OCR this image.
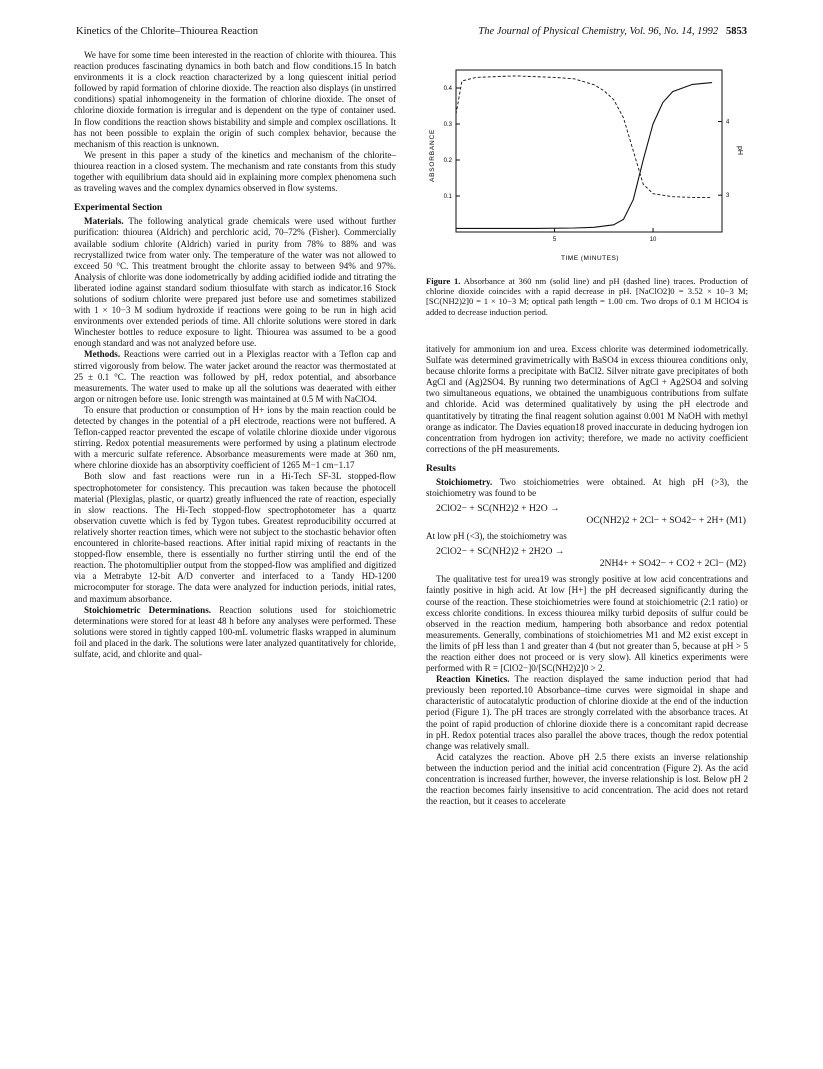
Kinetics of the Chlorite–Thiourea Reaction	The Journal of Physical Chemistry, Vol. 96, No. 14, 1992 5853

We have for some time been interested in the reaction of chlorite with thiourea. This reaction produces fascinating dynamics in both batch and flow conditions.15 In batch environments it is a clock reaction characterized by a long quiescent initial period followed by rapid formation of chlorine dioxide. The reaction also displays (in unstirred conditions) spatial inhomogeneity in the formation of chlorine dioxide. The onset of chlorine dioxide formation is irregular and is dependent on the type of container used. In flow conditions the reaction shows bistability and simple and complex oscillations. It has not been possible to explain the origin of such complex behavior, because the mechanism of this reaction is unknown.

We present in this paper a study of the kinetics and mechanism of the chlorite–thiourea reaction in a closed system. The mechanism and rate constants from this study together with equilibrium data should aid in explaining more complex phenomena such as traveling waves and the complex dynamics observed in flow systems.

Experimental Section

Materials. The following analytical grade chemicals were used without further purification: thiourea (Aldrich) and perchloric acid, 70–72% (Fisher). Commercially available sodium chlorite (Aldrich) varied in purity from 78% to 88% and was recrystallized twice from water only. The temperature of the water was not allowed to exceed 50 °C. This treatment brought the chlorite assay to between 94% and 97%. Analysis of chlorite was done iodometrically by adding acidified iodide and titrating the liberated iodine against standard sodium thiosulfate with starch as indicator.16 Stock solutions of sodium chlorite were prepared just before use and sometimes stabilized with 1 × 10−3 M sodium hydroxide if reactions were going to be run in high acid environments over extended periods of time. All chlorite solutions were stored in dark Winchester bottles to reduce exposure to light. Thiourea was assumed to be a good enough standard and was not analyzed before use.

Methods. Reactions were carried out in a Plexiglas reactor with a Teflon cap and stirred vigorously from below. The water jacket around the reactor was thermostated at 25 ± 0.1 °C. The reaction was followed by pH, redox potential, and absorbance measurements. The water used to make up all the solutions was deaerated with either argon or nitrogen before use. Ionic strength was maintained at 0.5 M with NaClO4.

To ensure that production or consumption of H+ ions by the main reaction could be detected by changes in the potential of a pH electrode, reactions were not buffered. A Teflon-capped reactor prevented the escape of volatile chlorine dioxide under vigorous stirring. Redox potential measurements were performed by using a platinum electrode with a mercuric sulfate reference. Absorbance measurements were made at 360 nm, where chlorine dioxide has an absorptivity coefficient of 1265 M−1 cm−1.17

Both slow and fast reactions were run in a Hi-Tech SF-3L stopped-flow spectrophotometer for consistency. This precaution was taken because the photocell material (Plexiglas, plastic, or quartz) greatly influenced the rate of reaction, especially in slow reactions. The Hi-Tech stopped-flow spectrophotometer has a quartz observation cuvette which is fed by Tygon tubes. Greatest reproducibility occurred at relatively shorter reaction times, which were not subject to the stochastic behavior often encountered in chlorite-based reactions. After initial rapid mixing of reactants in the stopped-flow ensemble, there is essentially no further stirring until the end of the reaction. The photomultiplier output from the stopped-flow was amplified and digitized via a Metrabyte 12-bit A/D converter and interfaced to a Tandy HD-1200 microcomputer for storage. The data were analyzed for induction periods, initial rates, and maximum absorbance.

Stoichiometric Determinations. Reaction solutions used for stoichiometric determinations were stored for at least 48 h before any analyses were performed. These solutions were stored in tightly capped 100-mL volumetric flasks wrapped in aluminum foil and placed in the dark. The solutions were later analyzed quantitatively for chloride, sulfate, acid, and chlorite and qual-

0.1
0.2
0.3
0.4
3
4
5	10
ABSORBANCE	pH
TIME (MINUTES)
Figure 1. Absorbance at 360 nm (solid line) and pH (dashed line) traces. Production of chlorine dioxide coincides with a rapid decrease in pH. [NaClO2]0 = 3.52 × 10−3 M; [SC(NH2)2]0 = 1 × 10−3 M; optical path length = 1.00 cm. Two drops of 0.1 M HClO4 is added to decrease induction period.

itatively for ammonium ion and urea. Excess chlorite was determined iodometrically. Sulfate was determined gravimetrically with BaSO4 in excess thiourea conditions only, because chlorite forms a precipitate with BaCl2. Silver nitrate gave precipitates of both AgCl and (Ag)2SO4. By running two determinations of AgCl + Ag2SO4 and solving two simultaneous equations, we obtained the unambiguous contributions from sulfate and chloride. Acid was determined qualitatively by using the pH electrode and quantitatively by titrating the final reagent solution against 0.001 M NaOH with methyl orange as indicator. The Davies equation18 proved inaccurate in deducing hydrogen ion concentration from hydrogen ion activity; therefore, we made no activity coefficient corrections of the pH measurements.

Results

Stoichiometry. Two stoichiometries were obtained. At high pH (>3), the stoichiometry was found to be

2ClO2− + SC(NH2)2 + H2O →
OC(NH2)2 + 2Cl− + SO42− + 2H+ (M1)

At low pH (<3), the stoichiometry was

2ClO2− + SC(NH2)2 + 2H2O →
2NH4+ + SO42− + CO2 + 2Cl− (M2)

The qualitative test for urea19 was strongly positive at low acid concentrations and faintly positive in high acid. At low [H+] the pH decreased significantly during the course of the reaction. These stoichiometries were found at stoichiometric (2:1 ratio) or excess chlorite conditions. In excess thiourea milky turbid deposits of sulfur could be observed in the reaction medium, hampering both absorbance and redox potential measurements. Generally, combinations of stoichiometries M1 and M2 exist except in the limits of pH less than 1 and greater than 4 (but not greater than 5, because at pH > 5 the reaction either does not proceed or is very slow). All kinetics experiments were performed with R = [ClO2−]0/[SC(NH2)2]0 > 2.

Reaction Kinetics. The reaction displayed the same induction period that had previously been reported.10 Absorbance–time curves were sigmoidal in shape and characteristic of autocatalytic production of chlorine dioxide at the end of the induction period (Figure 1). The pH traces are strongly correlated with the absorbance traces. At the point of rapid production of chlorine dioxide there is a concomitant rapid decrease in pH. Redox potential traces also parallel the above traces, though the redox potential change was relatively small.

Acid catalyzes the reaction. Above pH 2.5 there exists an inverse relationship between the induction period and the initial acid concentration (Figure 2). As the acid concentration is increased further, however, the inverse relationship is lost. Below pH 2 the reaction becomes fairly insensitive to acid concentration. The acid does not retard the reaction, but it ceases to accelerate
